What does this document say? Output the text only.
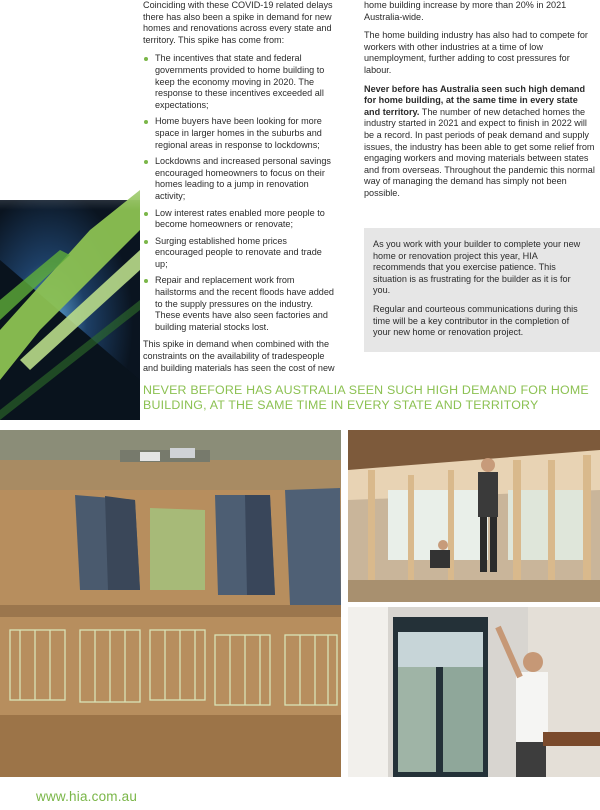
Coinciding with these COVID-19 related delays there has also been a spike in demand for new homes and renovations across every state and territory. This spike has come from:

The incentives that state and federal governments provided to home building to keep the economy moving in 2020. The response to these incentives exceeded all expectations;
Home buyers have been looking for more space in larger homes in the suburbs and regional areas in response to lockdowns;
Lockdowns and increased personal savings encouraged homeowners to focus on their homes leading to a jump in renovation activity;
Low interest rates enabled more people to become homeowners or renovate;
Surging established home prices encouraged people to renovate and trade up;
Repair and replacement work from hailstorms and the recent floods have added to the supply pressures on the industry. These events have also seen factories and building material stocks lost.

This spike in demand when combined with the constraints on the availability of tradespeople and building materials has seen the cost of new

home building increase by more than 20% in 2021 Australia-wide.

The home building industry has also had to compete for workers with other industries at a time of low unemployment, further adding to cost pressures for labour.

Never before has Australia seen such high demand for home building, at the same time in every state and territory. The number of new detached homes the industry started in 2021 and expect to finish in 2022 will be a record. In past periods of peak demand and supply issues, the industry has been able to get some relief from engaging workers and moving materials between states and from overseas. Throughout the pandemic this normal way of managing the demand has simply not been possible.

As you work with your builder to complete your new home or renovation project this year, HIA recommends that you exercise patience. This situation is as frustrating for the builder as it is for you.

Regular and courteous communications during this time will be a key contributor in the completion of your new home or renovation project.

NEVER BEFORE HAS AUSTRALIA SEEN SUCH HIGH DEMAND FOR HOME BUILDING, AT THE SAME TIME IN EVERY STATE AND TERRITORY
www.hia.com.au
